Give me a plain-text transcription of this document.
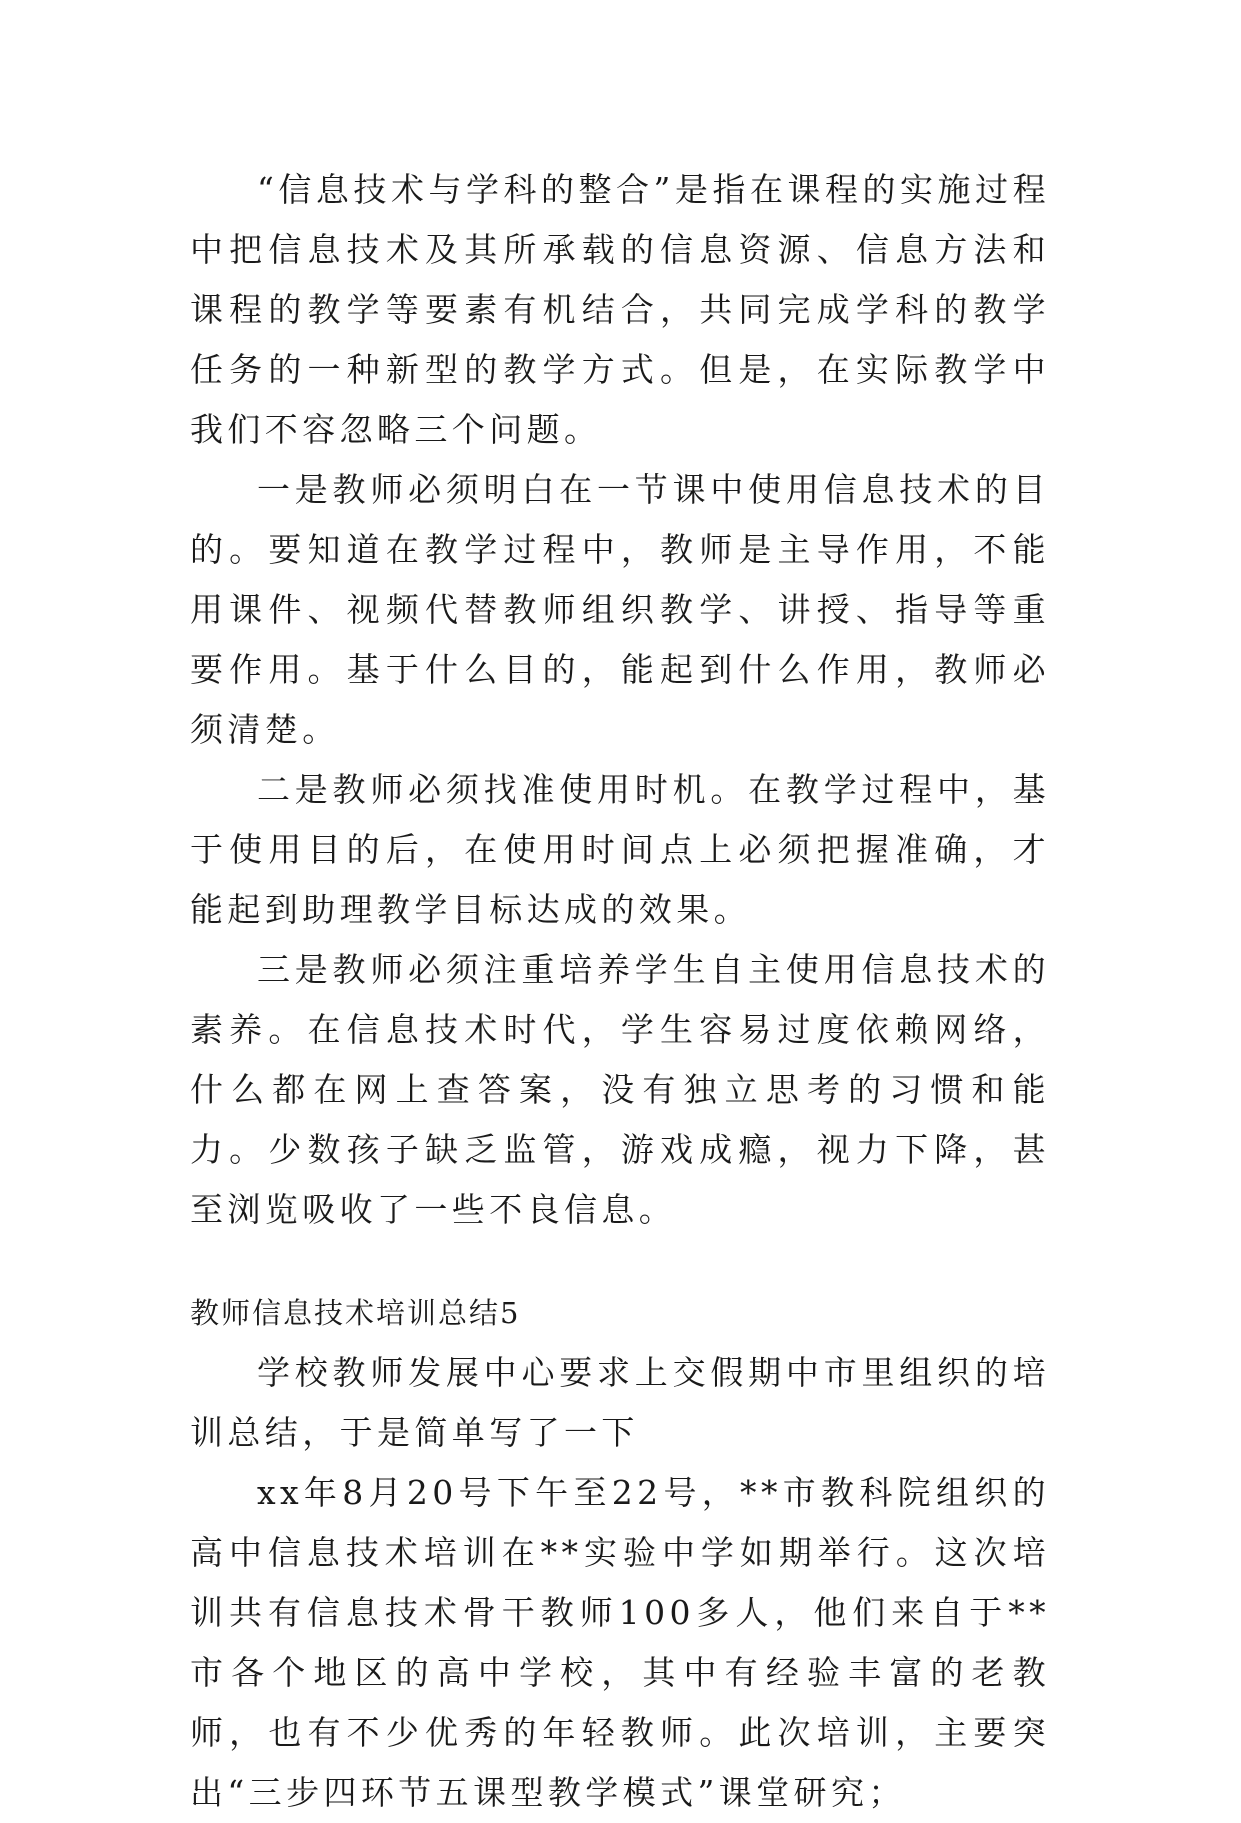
“信息技术与学科的整合”是指在课程的实施过程中把信息技术及其所承载的信息资源、信息方法和课程的教学等要素有机结合，共同完成学科的教学任务的一种新型的教学方式。但是，在实际教学中我们不容忽略三个问题。

一是教师必须明白在一节课中使用信息技术的目的。要知道在教学过程中，教师是主导作用，不能用课件、视频代替教师组织教学、讲授、指导等重要作用。基于什么目的，能起到什么作用，教师必须清楚。

二是教师必须找准使用时机。在教学过程中，基于使用目的后，在使用时间点上必须把握准确，才能起到助理教学目标达成的效果。

三是教师必须注重培养学生自主使用信息技术的素养。在信息技术时代，学生容易过度依赖网络，什么都在网上查答案，没有独立思考的习惯和能力。少数孩子缺乏监管，游戏成瘾，视力下降，甚至浏览吸收了一些不良信息。

教师信息技术培训总结5

学校教师发展中心要求上交假期中市里组织的培训总结，于是简单写了一下

xx年8月20号下午至22号，**市教科院组织的高中信息技术培训在**实验中学如期举行。这次培训共有信息技术骨干教师100多人，他们来自于**市各个地区的高中学校，其中有经验丰富的老教师，也有不少优秀的年轻教师。此次培训，主要突出“三步四环节五课型教学模式”课堂研究；
